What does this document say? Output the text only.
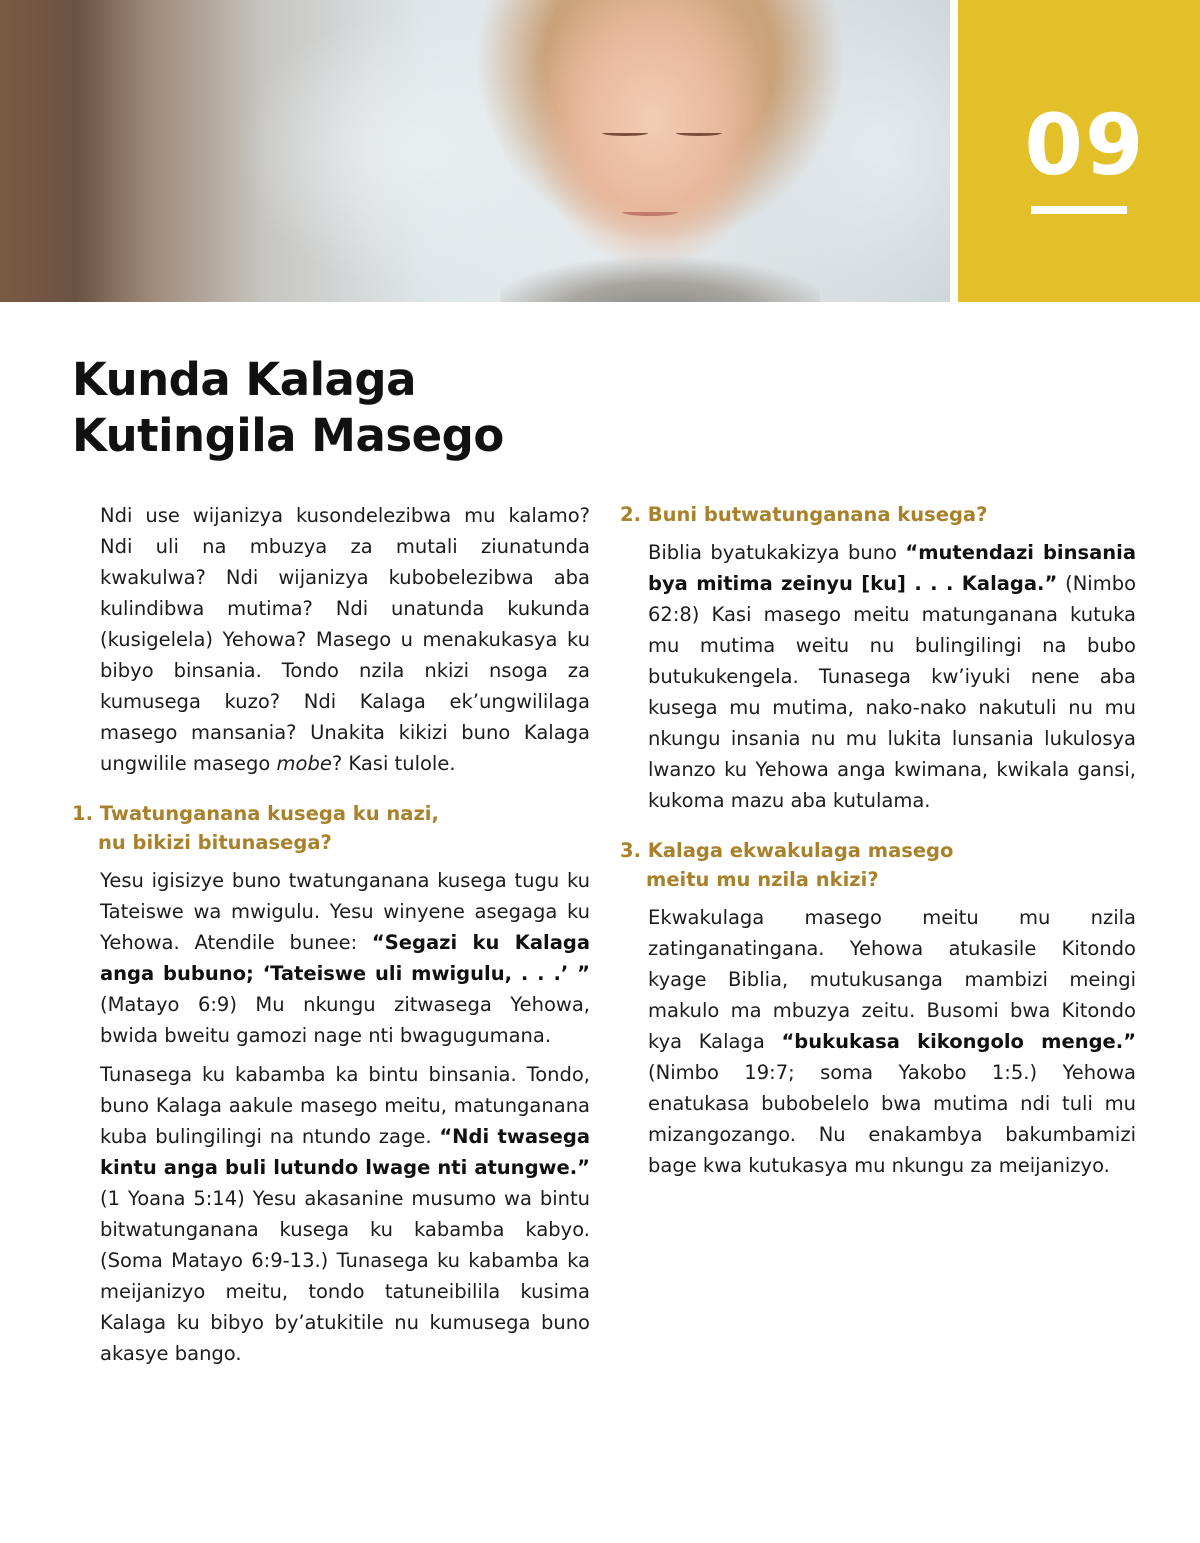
09
Kunda Kalaga
Kutingila Masego

Ndi use wijanizya kusondelezibwa mu kalamo? Ndi uli na mbuzya za mutali ziunatunda kwakulwa? Ndi wijanizya kubobelezibwa aba kulindibwa mutima? Ndi unatunda kukunda (kusigelela) Yehowa? Masego u menakukasya ku bibyo binsania. Tondo nzila nkizi nsoga za kumusega kuzo? Ndi Kalaga ek’ungwililaga masego mansania? Unakita kikizi buno Kalaga ungwilile masego mobe? Kasi tulole.

1. Twatunganana kusega ku nazi,
nu bikizi bitunasega?

Yesu igisizye buno twatunganana kusega tugu ku Tateiswe wa mwigulu. Yesu winyene asegaga ku Yehowa. Atendile bunee: “Segazi ku Kalaga anga bubuno; ‘Tateiswe uli mwigulu, . . .’ ” (Matayo 6:9) Mu nkungu zitwasega Yehowa, bwida bweitu gamozi nage nti bwagugumana.

Tunasega ku kabamba ka bintu binsania. Tondo, buno Kalaga aakule masego meitu, matungananа kuba bulingilingi na ntundo zage. “Ndi twasega kintu anga buli lutundo lwage nti atungwe.” (1 Yoana 5:14) Yesu akasanine musumo wa bintu bitwatunganana kusega ku kabamba kabyo. (Soma Matayo 6:9-13.) Tunasega ku kabamba ka meijanizyo meitu, tondo tatuneibilila kusima Kalaga ku bibyo by’atukitile nu kumusega buno akasye bango.

2. Buni butwatunganana kusega?

Biblia byatukakizya buno “mutendazi binsania bya mitima zeinyu [ku] . . . Kalaga.” (Nimbo 62:8) Kasi masego meitu matunganana kutuka mu mutima weitu nu bulingilingi na bubo butukukengela. Tunasega kw’iyuki nene aba kusega mu mutima, nako-nako nakutuli nu mu nkungu insania nu mu lukita lunsania lukulosya lwanzo ku Yehowa anga kwimana, kwikala gansi, kukoma mazu aba kutulama.

3. Kalaga ekwakulaga masego
meitu mu nzila nkizi?

Ekwakulaga masego meitu mu nzila zatinganatingana. Yehowa atukasile Kitondo kyage Biblia, mutukusanga mambizi meingi makulo ma mbuzya zeitu. Busomi bwa Kitondo kya Kalaga “bukukasa kikongolo menge.” (Nimbo 19:7; soma Yakobo 1:5.) Yehowa enatukasa bubobelelo bwa mutima ndi tuli mu mizangozango. Nu enakambya bakumbamizi bage kwa kutukasya mu nkungu za meijanizyo.
